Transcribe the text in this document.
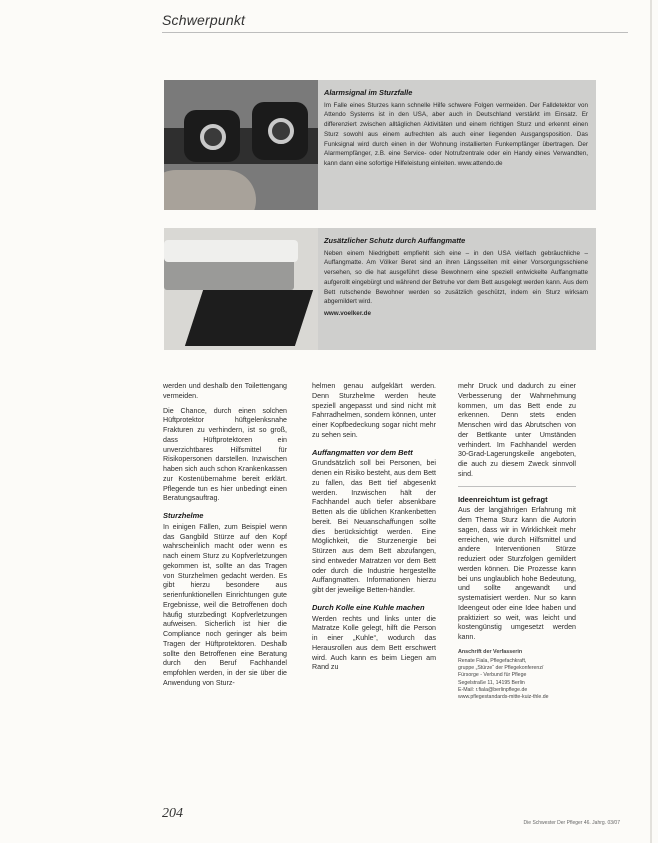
Schwerpunkt
Alarmsignal im Sturzfalle

Im Falle eines Sturzes kann schnelle Hilfe schwere Folgen vermeiden. Der Falldetektor von Attendo Systems ist in den USA, aber auch in Deutschland verstärkt im Einsatz. Er differenziert zwischen alltäglichen Aktivitäten und einem richtigen Sturz und erkennt einen Sturz sowohl aus einem aufrechten als auch einer liegenden Ausgangsposition. Das Funksignal wird durch einen in der Wohnung installierten Funkempfänger übertragen. Der Alarmempfänger, z.B. eine Service- oder Notrufzentrale oder ein Handy eines Verwandten, kann dann eine sofortige Hilfeleistung einleiten. www.attendo.de

Zusätzlicher Schutz durch Auffangmatte

Neben einem Niedrigbett empfiehlt sich eine – in den USA vielfach gebräuchliche – Auffangmatte. Am Völker Beret sind an ihren Längsseiten mit einer Vorsorgungsschiene versehen, so die hat ausgeführt diese Bewohnern eine speziell entwickelte Auffangmatte aufgerollt eingebürgt und während der Betruhe vor dem Bett ausgelegt werden kann. Aus dem Bett rutschende Bewohner werden so zusätzlich geschützt, indem ein Sturz wirksam abgemildert wird.

www.voelker.de

werden und deshalb den Toilettengang vermeiden.

Die Chance, durch einen solchen Hüftprotektor hüftgelenksnahe Frakturen zu verhindern, ist so groß, dass Hüftprotektoren ein unverzichtbares Hilfsmittel für Risikopersonen darstellen. Inzwischen haben sich auch schon Krankenkassen zur Kostenübernahme bereit erklärt. Pflegende tun es hier unbedingt einen Beratungsauftrag.

Sturzhelme

In einigen Fällen, zum Beispiel wenn das Gangbild Stürze auf den Kopf wahrscheinlich macht oder wenn es nach einem Sturz zu Kopfverletzungen gekommen ist, sollte an das Tragen von Sturzhelmen gedacht werden. Es gibt hierzu besondere aus serienfunktionellen Einrichtungen gute Ergebnisse, weil die Betroffenen doch häufig sturzbedingt Kopfverletzungen aufweisen. Sicherlich ist hier die Compliance noch geringer als beim Tragen der Hüftprotektoren. Deshalb sollte den Betroffenen eine Beratung durch den Beruf Fachhandel empfohlen werden, in der sie über die Anwendung von Sturz-

helmen genau aufgeklärt werden. Denn Sturzhelme werden heute speziell angepasst und sind nicht mit Fahrradhelmen, sondern können, unter einer Kopfbedeckung sogar nicht mehr zu sehen sein.

Auffangmatten vor dem Bett

Grundsätzlich soll bei Personen, bei denen ein Risiko besteht, aus dem Bett zu fallen, das Bett tief abgesenkt werden. Inzwischen hält der Fachhandel auch tiefer absenkbare Betten als die üblichen Krankenbetten bereit. Bei Neuanschaffungen sollte dies berücksichtigt werden. Eine Möglichkeit, die Sturzenergie bei Stürzen aus dem Bett abzufangen, sind entweder Matratzen vor dem Bett oder durch die Industrie hergestellte Auffangmatten. Informationen hierzu gibt der jeweilige Betten-händler.

Durch Kolle eine Kuhle machen

Werden rechts und links unter die Matratze Kolle gelegt, hilft die Person in einer „Kuhle“, wodurch das Herausrollen aus dem Bett erschwert wird. Auch kann es beim Liegen am Rand zu

mehr Druck und dadurch zu einer Verbesserung der Wahrnehmung kommen, um das Bett ende zu erkennen. Denn stets enden Menschen wird das Abrutschen von der Bettkante unter Umständen verhindert. Im Fachhandel werden 30-Grad-Lagerungskeile angeboten, die auch zu diesem Zweck sinnvoll sind.

Ideenreichtum ist gefragt

Aus der langjährigen Erfahrung mit dem Thema Sturz kann die Autorin sagen, dass wir in Wirklichkeit mehr erreichen, wie durch Hilfsmittel und andere Interventionen Stürze reduziert oder Sturzfolgen gemildert werden können. Die Prozesse kann bei uns unglaublich hohe Bedeutung, und sollte angewandt und systematisiert werden. Nur so kann Ideengeut oder eine Idee haben und praktiziert so weit, was leicht und kostengünstig umgesetzt werden kann.

Anschrift der Verfasserin
Renate Fiala, Pflegefachkraft,
gruppe „Stürze“ der Pflegekonferenz/
Fürsorge - Verbund für Pflege
Segelstraße 11, 14195 Berlin
E-Mail: r.fiala@berlinpflege.de
www.pflegestandards-mitte-kuiz-thle.de
204
Die Schwester Der Pfleger 46. Jahrg. 03/07
